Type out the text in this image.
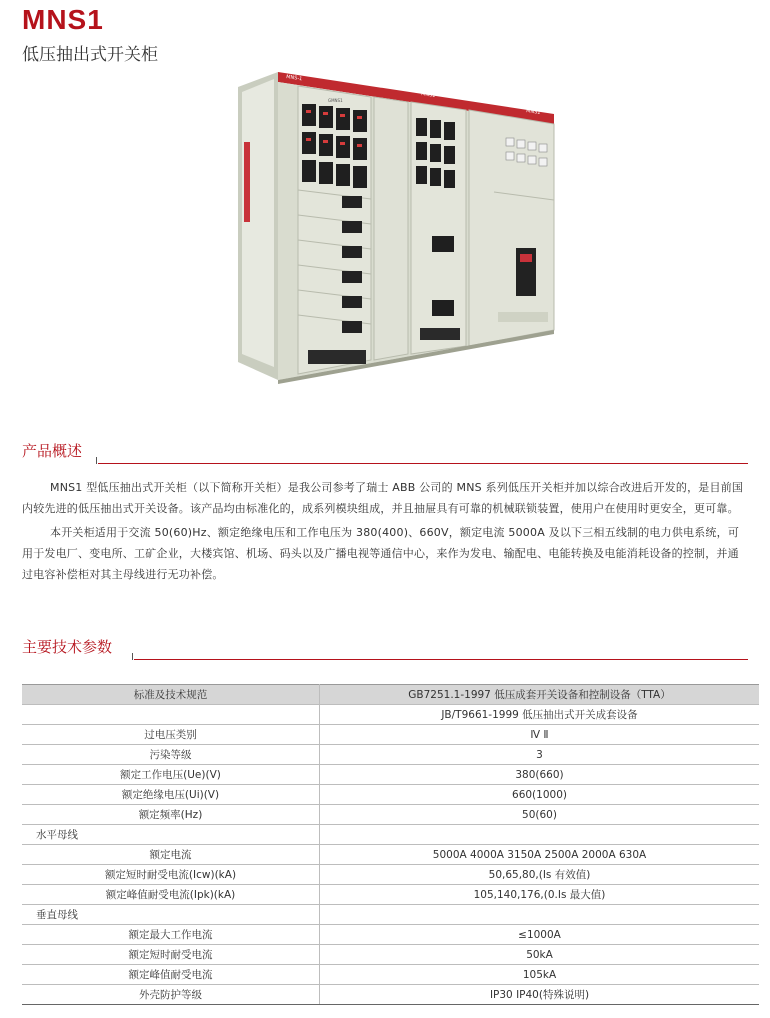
MNS1
低压抽出式开关柜
MNS-1
MNS1
MNS1
GMNS1
产品概述
MNS1 型低压抽出式开关柜（以下简称开关柜）是我公司参考了瑞士 ABB 公司的 MNS 系列低压开关柜并加以综合改进后开发的，是目前国内较先进的低压抽出式开关设备。该产品均由标准化的，成系列模块组成，并且抽屉具有可靠的机械联锁装置，使用户在使用时更安全，更可靠。
本开关柜适用于交流 50(60)Hz、额定绝缘电压和工作电压为 380(400)、660V，额定电流 5000A 及以下三相五线制的电力供电系统，可用于发电厂、变电所、工矿企业，大楼宾馆、机场、码头以及广播电视等通信中心，来作为发电、输配电、电能转换及电能消耗设备的控制，并通过电容补偿柜对其主母线进行无功补偿。
主要技术参数
标准及技术规范	GB7251.1-1997 低压成套开关设备和控制设备（TTA）
	JB/T9661-1999 低压抽出式开关成套设备
过电压类别	Ⅳ Ⅱ
污染等级	3
额定工作电压(Ue)(V)	380(660)
额定绝缘电压(Ui)(V)	660(1000)
额定频率(Hz)	50(60)
水平母线	
额定电流	5000A 4000A 3150A 2500A 2000A 630A
额定短时耐受电流(Icw)(kA)	50,65,80,(Is 有效值)
额定峰值耐受电流(Ipk)(kA)	105,140,176,(0.Is 最大值)
垂直母线	
额定最大工作电流	≤1000A
额定短时耐受电流	50kA
额定峰值耐受电流	105kA
外壳防护等级	IP30 IP40(特殊说明)
